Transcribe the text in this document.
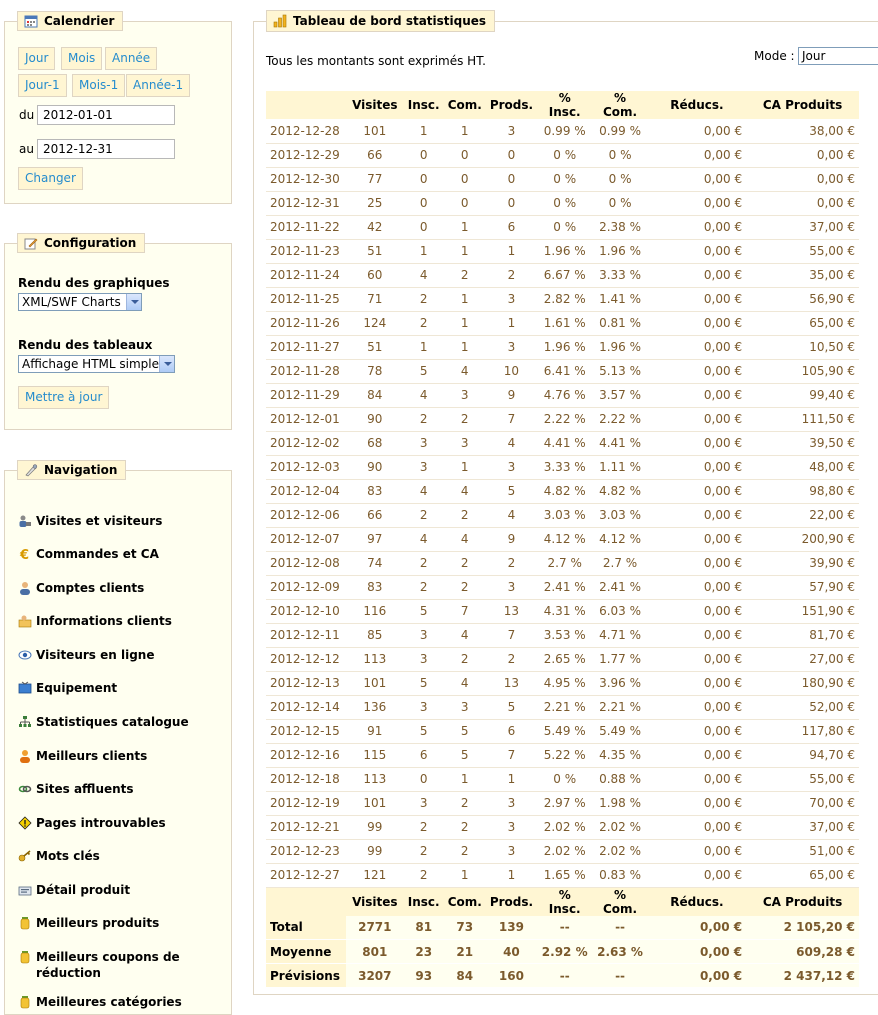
Calendrier
Jour	Mois	Année
Jour-1	Mois-1	Année-1
du 2012-01-01
au 2012-12-31
Changer
Configuration
Rendu des graphiques
XML/SWF Charts
Rendu des tableaux
Affichage HTML simple
Mettre à jour
Navigation
Visites et visiteurs
€ Commandes et CA
Comptes clients
Informations clients
Visiteurs en ligne
Equipement
Statistiques catalogue
Meilleurs clients
Sites affluents
Pages introuvables
Mots clés
Détail produit
Meilleurs produits
Meilleurs coupons de réduction
Meilleures catégories
Tableau de bord statistiques
Tous les montants sont exprimés HT.	Mode : Jour
	Visites	Insc.	Com.	Prods.	% Insc.	% Com.	Réducs.	CA Produits
2012-12-28	101	1	1	3	0.99 %	0.99 %	0,00 €	38,00 €
2012-12-29	66	0	0	0	0 %	0 %	0,00 €	0,00 €
2012-12-30	77	0	0	0	0 %	0 %	0,00 €	0,00 €
2012-12-31	25	0	0	0	0 %	0 %	0,00 €	0,00 €
2012-11-22	42	0	1	6	0 %	2.38 %	0,00 €	37,00 €
2012-11-23	51	1	1	1	1.96 %	1.96 %	0,00 €	55,00 €
2012-11-24	60	4	2	2	6.67 %	3.33 %	0,00 €	35,00 €
2012-11-25	71	2	1	3	2.82 %	1.41 %	0,00 €	56,90 €
2012-11-26	124	2	1	1	1.61 %	0.81 %	0,00 €	65,00 €
2012-11-27	51	1	1	3	1.96 %	1.96 %	0,00 €	10,50 €
2012-11-28	78	5	4	10	6.41 %	5.13 %	0,00 €	105,90 €
2012-11-29	84	4	3	9	4.76 %	3.57 %	0,00 €	99,40 €
2012-12-01	90	2	2	7	2.22 %	2.22 %	0,00 €	111,50 €
2012-12-02	68	3	3	4	4.41 %	4.41 %	0,00 €	39,50 €
2012-12-03	90	3	1	3	3.33 %	1.11 %	0,00 €	48,00 €
2012-12-04	83	4	4	5	4.82 %	4.82 %	0,00 €	98,80 €
2012-12-06	66	2	2	4	3.03 %	3.03 %	0,00 €	22,00 €
2012-12-07	97	4	4	9	4.12 %	4.12 %	0,00 €	200,90 €
2012-12-08	74	2	2	2	2.7 %	2.7 %	0,00 €	39,90 €
2012-12-09	83	2	2	3	2.41 %	2.41 %	0,00 €	57,90 €
2012-12-10	116	5	7	13	4.31 %	6.03 %	0,00 €	151,90 €
2012-12-11	85	3	4	7	3.53 %	4.71 %	0,00 €	81,70 €
2012-12-12	113	3	2	2	2.65 %	1.77 %	0,00 €	27,00 €
2012-12-13	101	5	4	13	4.95 %	3.96 %	0,00 €	180,90 €
2012-12-14	136	3	3	5	2.21 %	2.21 %	0,00 €	52,00 €
2012-12-15	91	5	5	6	5.49 %	5.49 %	0,00 €	117,80 €
2012-12-16	115	6	5	7	5.22 %	4.35 %	0,00 €	94,70 €
2012-12-18	113	0	1	1	0 %	0.88 %	0,00 €	55,00 €
2012-12-19	101	3	2	3	2.97 %	1.98 %	0,00 €	70,00 €
2012-12-21	99	2	2	3	2.02 %	2.02 %	0,00 €	37,00 €
2012-12-23	99	2	2	3	2.02 %	2.02 %	0,00 €	51,00 €
2012-12-27	121	2	1	1	1.65 %	0.83 %	0,00 €	65,00 €
	Visites	Insc.	Com.	Prods.	% Insc.	% Com.	Réducs.	CA Produits
Total	2771	81	73	139	--	--	0,00 €	2 105,20 €
Moyenne	801	23	21	40	2.92 %	2.63 %	0,00 €	609,28 €
Prévisions	3207	93	84	160	--	--	0,00 €	2 437,12 €
